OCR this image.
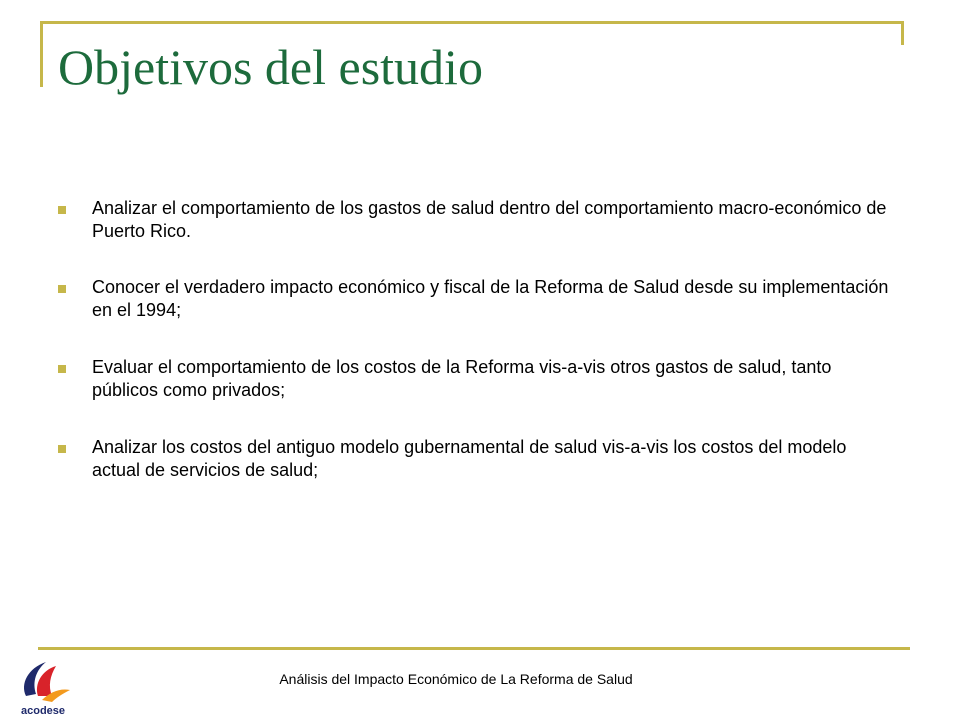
Objetivos del estudio
Analizar el comportamiento de los gastos de salud dentro del comportamiento macro-económico de Puerto Rico.
Conocer el verdadero impacto económico y fiscal de la Reforma de Salud desde su implementación en el 1994;
Evaluar el comportamiento de los costos de la Reforma vis-a-vis otros gastos de salud, tanto públicos como privados;
Analizar los costos del antiguo modelo gubernamental de salud vis-a-vis los costos del modelo actual de servicios de salud;
Análisis del Impacto Económico de La Reforma de Salud
acodese
